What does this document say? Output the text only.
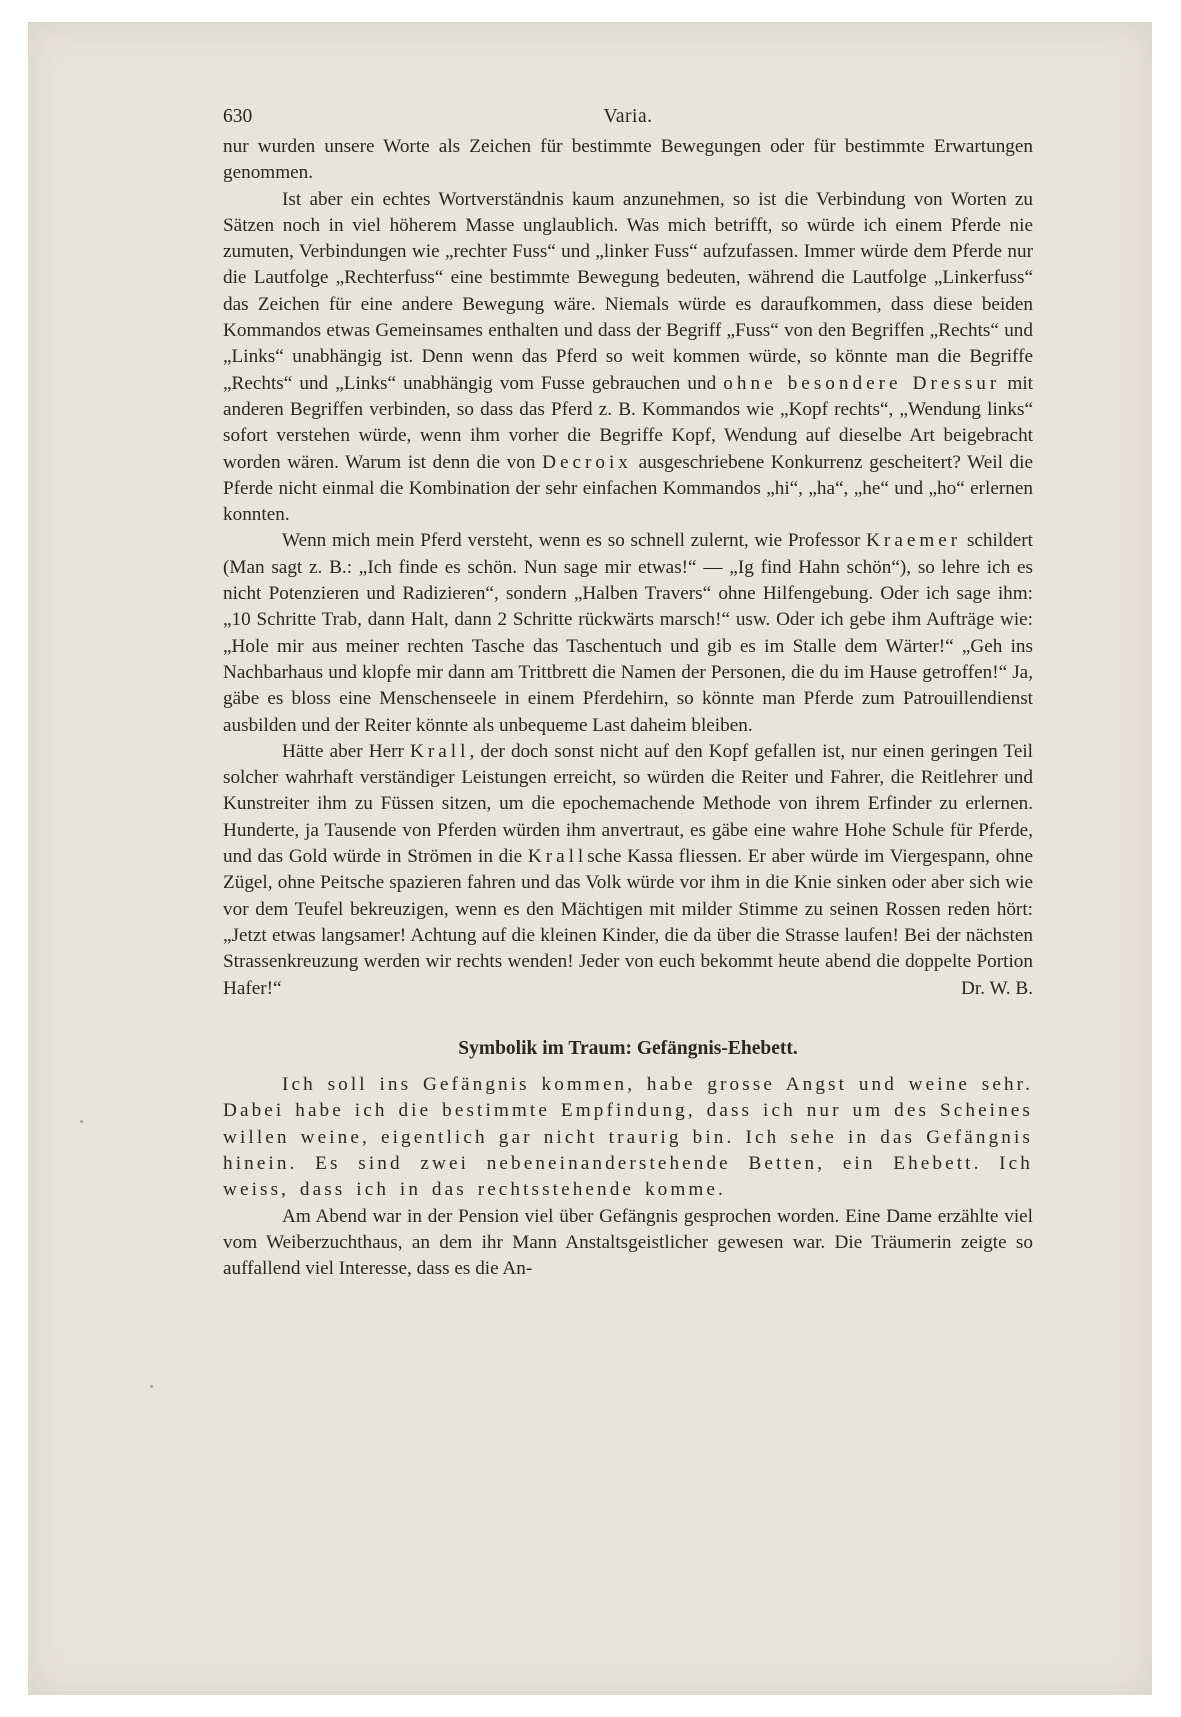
630	Varia.

nur wurden unsere Worte als Zeichen für bestimmte Bewegungen oder für bestimmte Erwartungen genommen.

Ist aber ein echtes Wortverständnis kaum anzunehmen, so ist die Verbindung von Worten zu Sätzen noch in viel höherem Masse unglaublich. Was mich betrifft, so würde ich einem Pferde nie zumuten, Verbindungen wie „rechter Fuss“ und „linker Fuss“ aufzufassen. Immer würde dem Pferde nur die Lautfolge „Rechterfuss“ eine bestimmte Bewegung bedeuten, während die Lautfolge „Linkerfuss“ das Zeichen für eine andere Bewegung wäre. Niemals würde es daraufkommen, dass diese beiden Kommandos etwas Gemeinsames enthalten und dass der Begriff „Fuss“ von den Begriffen „Rechts“ und „Links“ unabhängig ist. Denn wenn das Pferd so weit kommen würde, so könnte man die Begriffe „Rechts“ und „Links“ unabhängig vom Fusse gebrauchen und ohne besondere Dressur mit anderen Begriffen verbinden, so dass das Pferd z. B. Kommandos wie „Kopf rechts“, „Wendung links“ sofort verstehen würde, wenn ihm vorher die Begriffe Kopf, Wendung auf dieselbe Art beigebracht worden wären. Warum ist denn die von Decroix ausgeschriebene Konkurrenz gescheitert? Weil die Pferde nicht einmal die Kombination der sehr einfachen Kommandos „hi“, „ha“, „he“ und „ho“ erlernen konnten.

Wenn mich mein Pferd versteht, wenn es so schnell zulernt, wie Professor Kraemer schildert (Man sagt z. B.: „Ich finde es schön. Nun sage mir etwas!“ — „Ig find Hahn schön“), so lehre ich es nicht Potenzieren und Radizieren“, sondern „Halben Travers“ ohne Hilfengebung. Oder ich sage ihm: „10 Schritte Trab, dann Halt, dann 2 Schritte rückwärts marsch!“ usw. Oder ich gebe ihm Aufträge wie: „Hole mir aus meiner rechten Tasche das Taschentuch und gib es im Stalle dem Wärter!“ „Geh ins Nachbarhaus und klopfe mir dann am Trittbrett die Namen der Personen, die du im Hause getroffen!“ Ja, gäbe es bloss eine Menschenseele in einem Pferdehirn, so könnte man Pferde zum Patrouillendienst ausbilden und der Reiter könnte als unbequeme Last daheim bleiben.

Hätte aber Herr Krall, der doch sonst nicht auf den Kopf gefallen ist, nur einen geringen Teil solcher wahrhaft verständiger Leistungen erreicht, so würden die Reiter und Fahrer, die Reitlehrer und Kunstreiter ihm zu Füssen sitzen, um die epochemachende Methode von ihrem Erfinder zu erlernen. Hunderte, ja Tausende von Pferden würden ihm anvertraut, es gäbe eine wahre Hohe Schule für Pferde, und das Gold würde in Strömen in die Krallsche Kassa fliessen. Er aber würde im Viergespann, ohne Zügel, ohne Peitsche spazieren fahren und das Volk würde vor ihm in die Knie sinken oder aber sich wie vor dem Teufel bekreuzigen, wenn es den Mächtigen mit milder Stimme zu seinen Rossen reden hört: „Jetzt etwas langsamer! Achtung auf die kleinen Kinder, die da über die Strasse laufen! Bei der nächsten Strassenkreuzung werden wir rechts wenden! Jeder von euch bekommt heute abend die doppelte Portion Hafer!“	Dr. W. B.

Symbolik im Traum: Gefängnis-Ehebett.

Ich soll ins Gefängnis kommen, habe grosse Angst und weine sehr. Dabei habe ich die bestimmte Empfindung, dass ich nur um des Scheines willen weine, eigentlich gar nicht traurig bin. Ich sehe in das Gefängnis hinein. Es sind zwei nebeneinanderstehende Betten, ein Ehebett. Ich weiss, dass ich in das rechtsstehende komme.

Am Abend war in der Pension viel über Gefängnis gesprochen worden. Eine Dame erzählte viel vom Weiberzuchthaus, an dem ihr Mann Anstaltsgeistlicher gewesen war. Die Träumerin zeigte so auffallend viel Interesse, dass es die An-
